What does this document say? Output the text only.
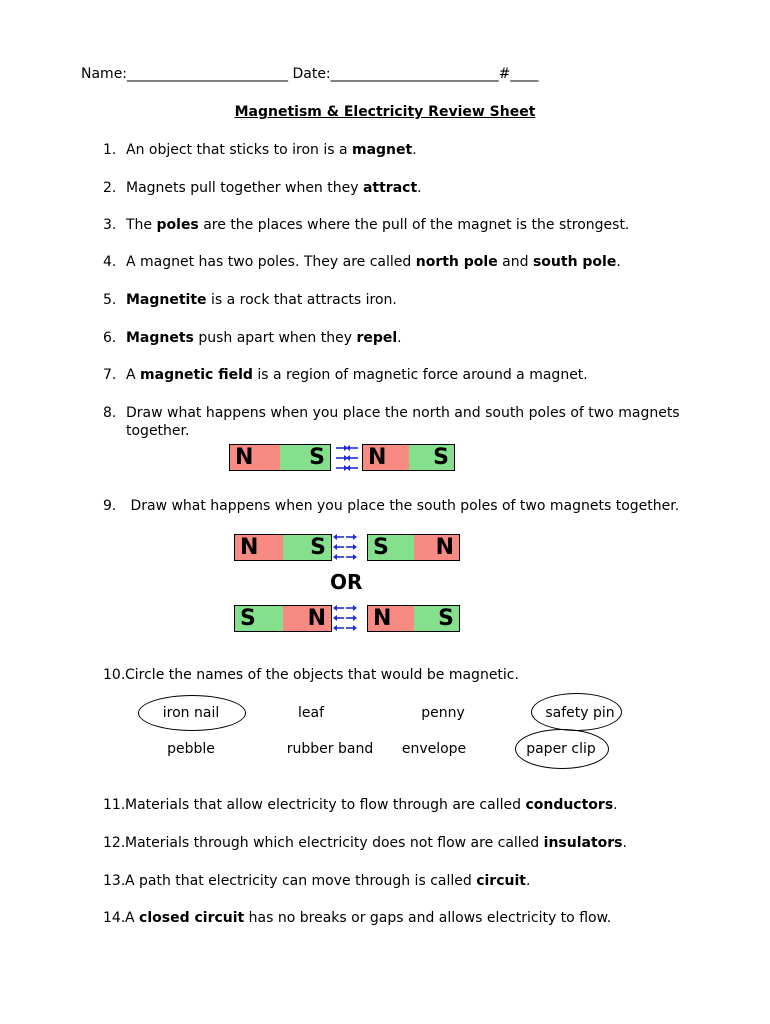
Name:_______________________ Date:________________________#____
Magnetism & Electricity Review Sheet
1. An object that sticks to iron is a magnet.
2. Magnets pull together when they attract.
3. The poles are the places where the pull of the magnet is the strongest.
4. A magnet has two poles. They are called north pole and south pole.
5. Magnetite is a rock that attracts iron.
6. Magnets push apart when they repel.
7. A magnetic field is a region of magnetic force around a magnet.
8. Draw what happens when you place the north and south poles of two magnets
together.
N	S N	S
9. Draw what happens when you place the south poles of two magnets together.
N	S S	N
OR
S	N N	S
10.Circle the names of the objects that would be magnetic.
iron nail	leaf	penny	safety pin
pebble	rubber band	envelope	paper clip
11.Materials that allow electricity to flow through are called conductors.
12.Materials through which electricity does not flow are called insulators.
13.A path that electricity can move through is called circuit.
14.A closed circuit has no breaks or gaps and allows electricity to flow.
